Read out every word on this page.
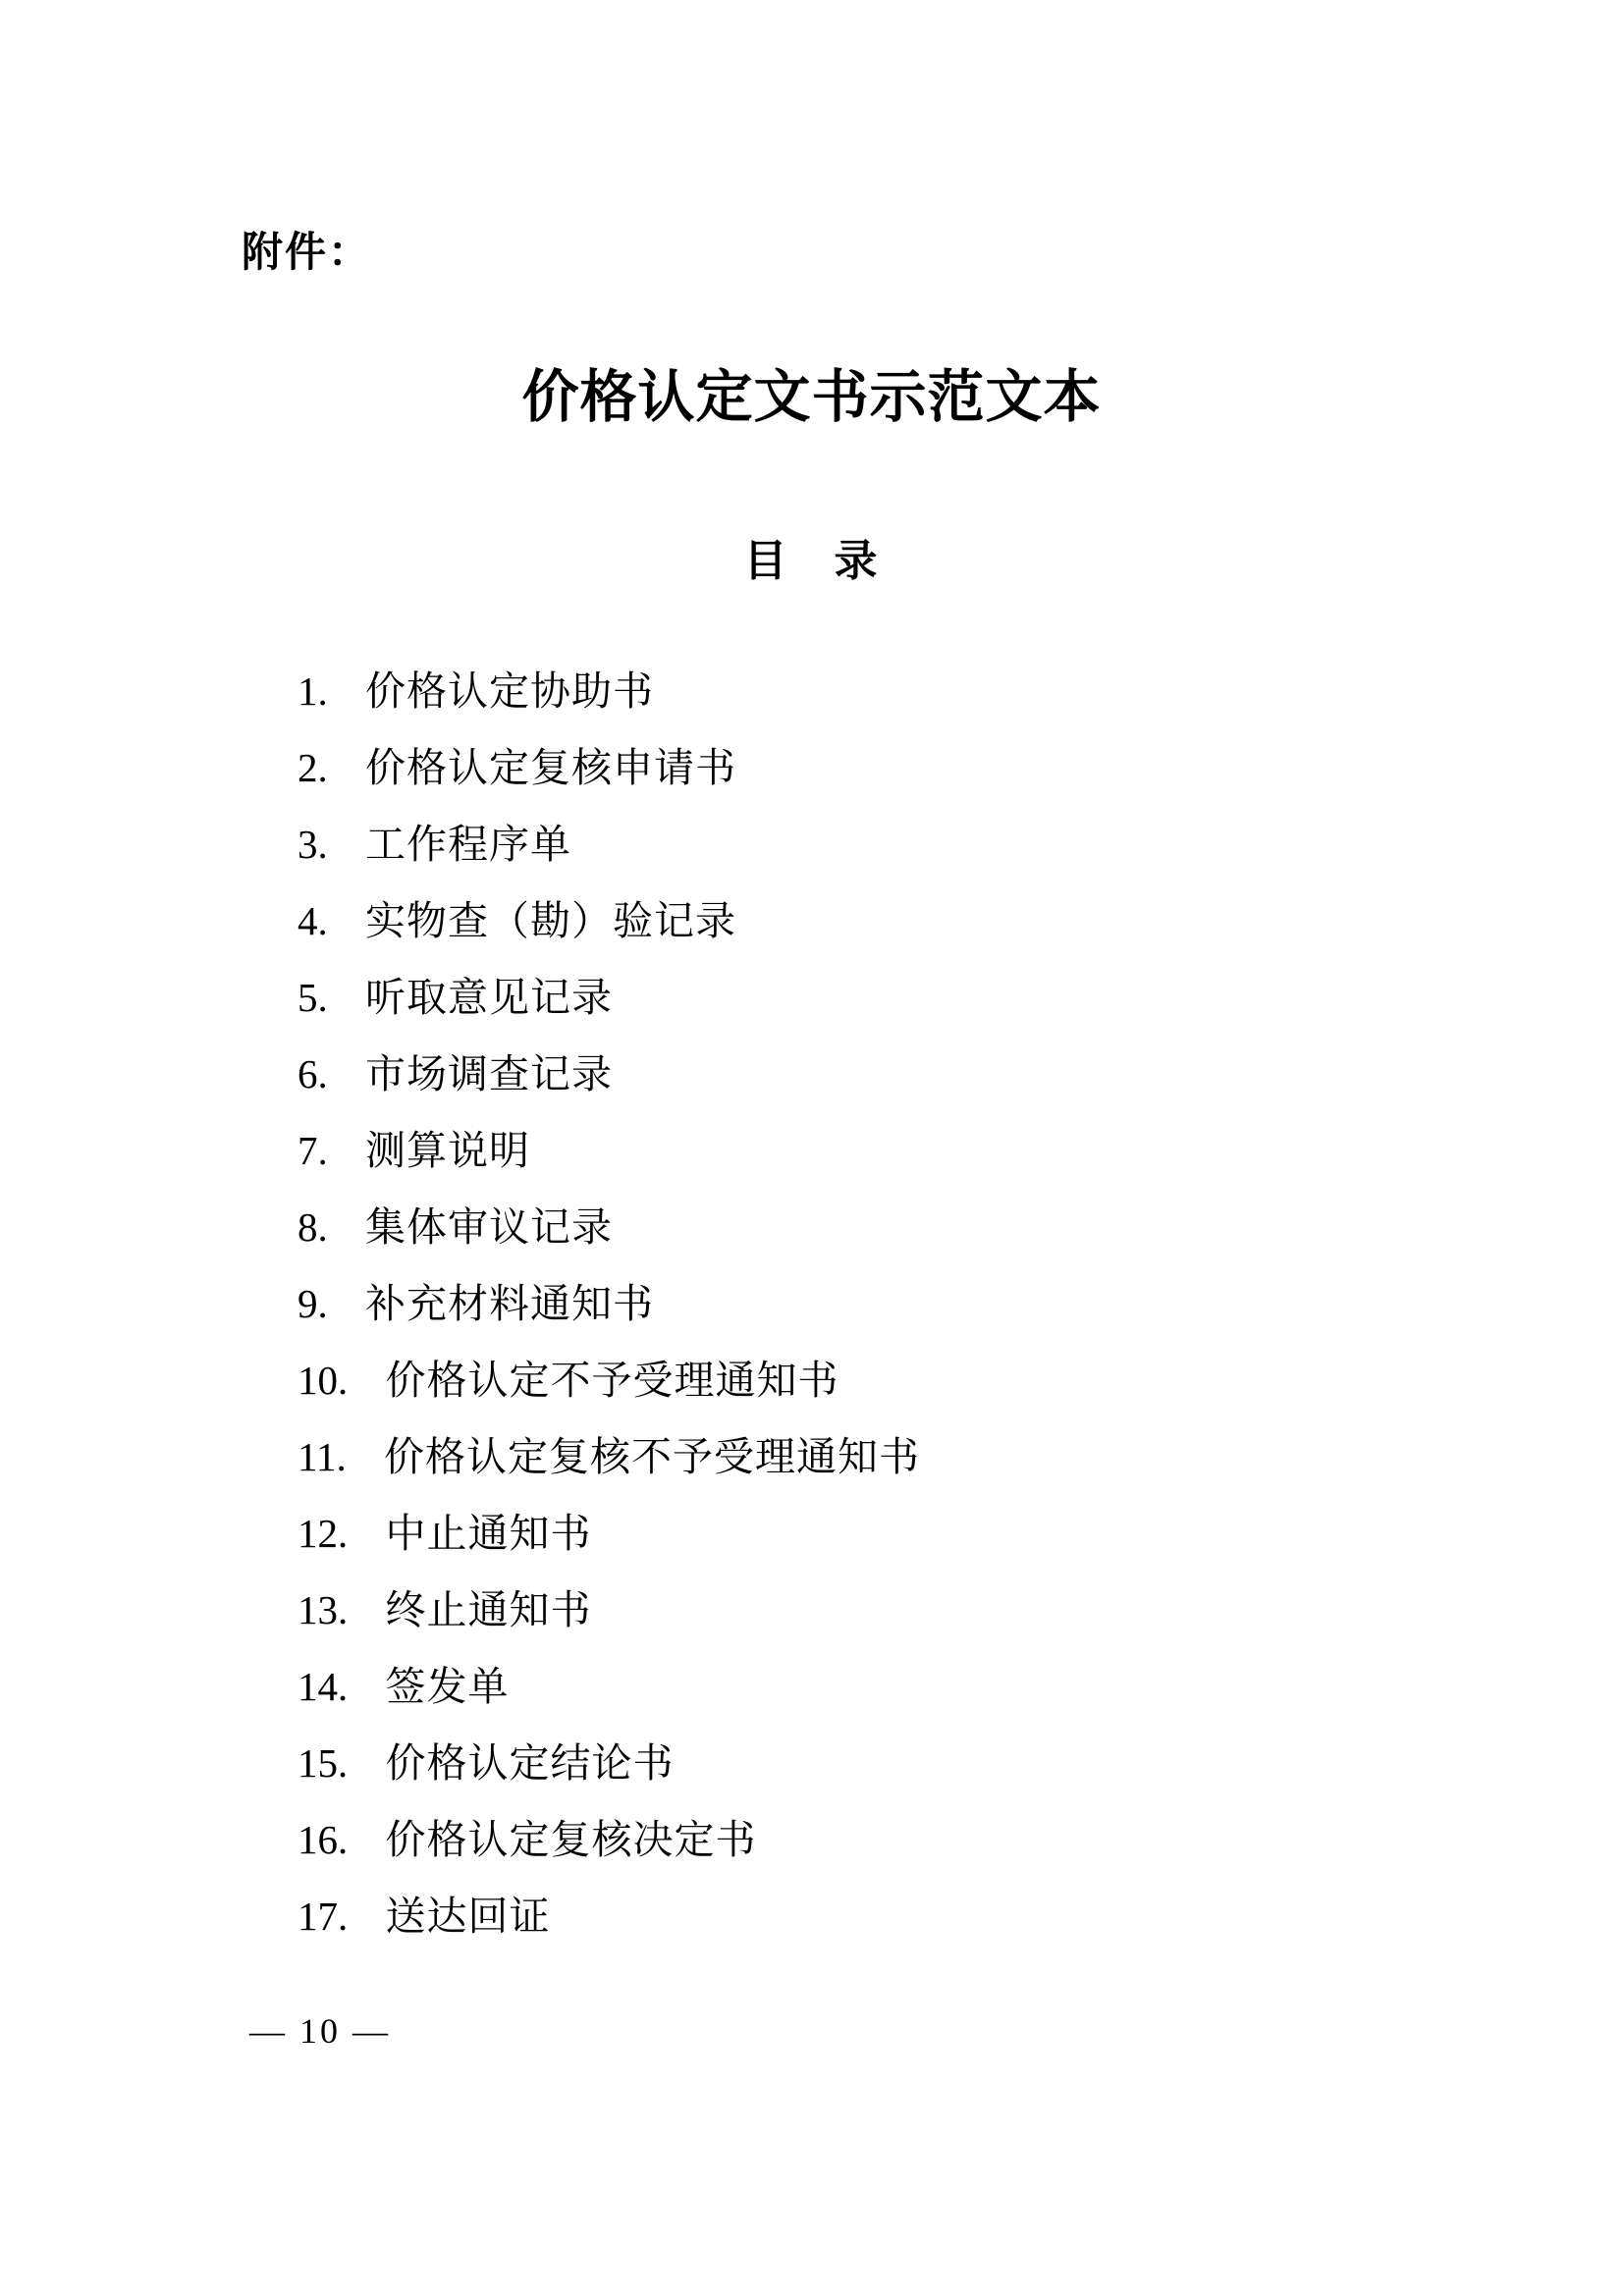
附件：
价格认定文书示范文本
目　录
1. 价格认定协助书
2. 价格认定复核申请书
3. 工作程序单
4. 实物查（勘）验记录
5. 听取意见记录
6. 市场调查记录
7. 测算说明
8. 集体审议记录
9. 补充材料通知书
10. 价格认定不予受理通知书
11. 价格认定复核不予受理通知书
12. 中止通知书
13. 终止通知书
14. 签发单
15. 价格认定结论书
16. 价格认定复核决定书
17. 送达回证
— 10 —
